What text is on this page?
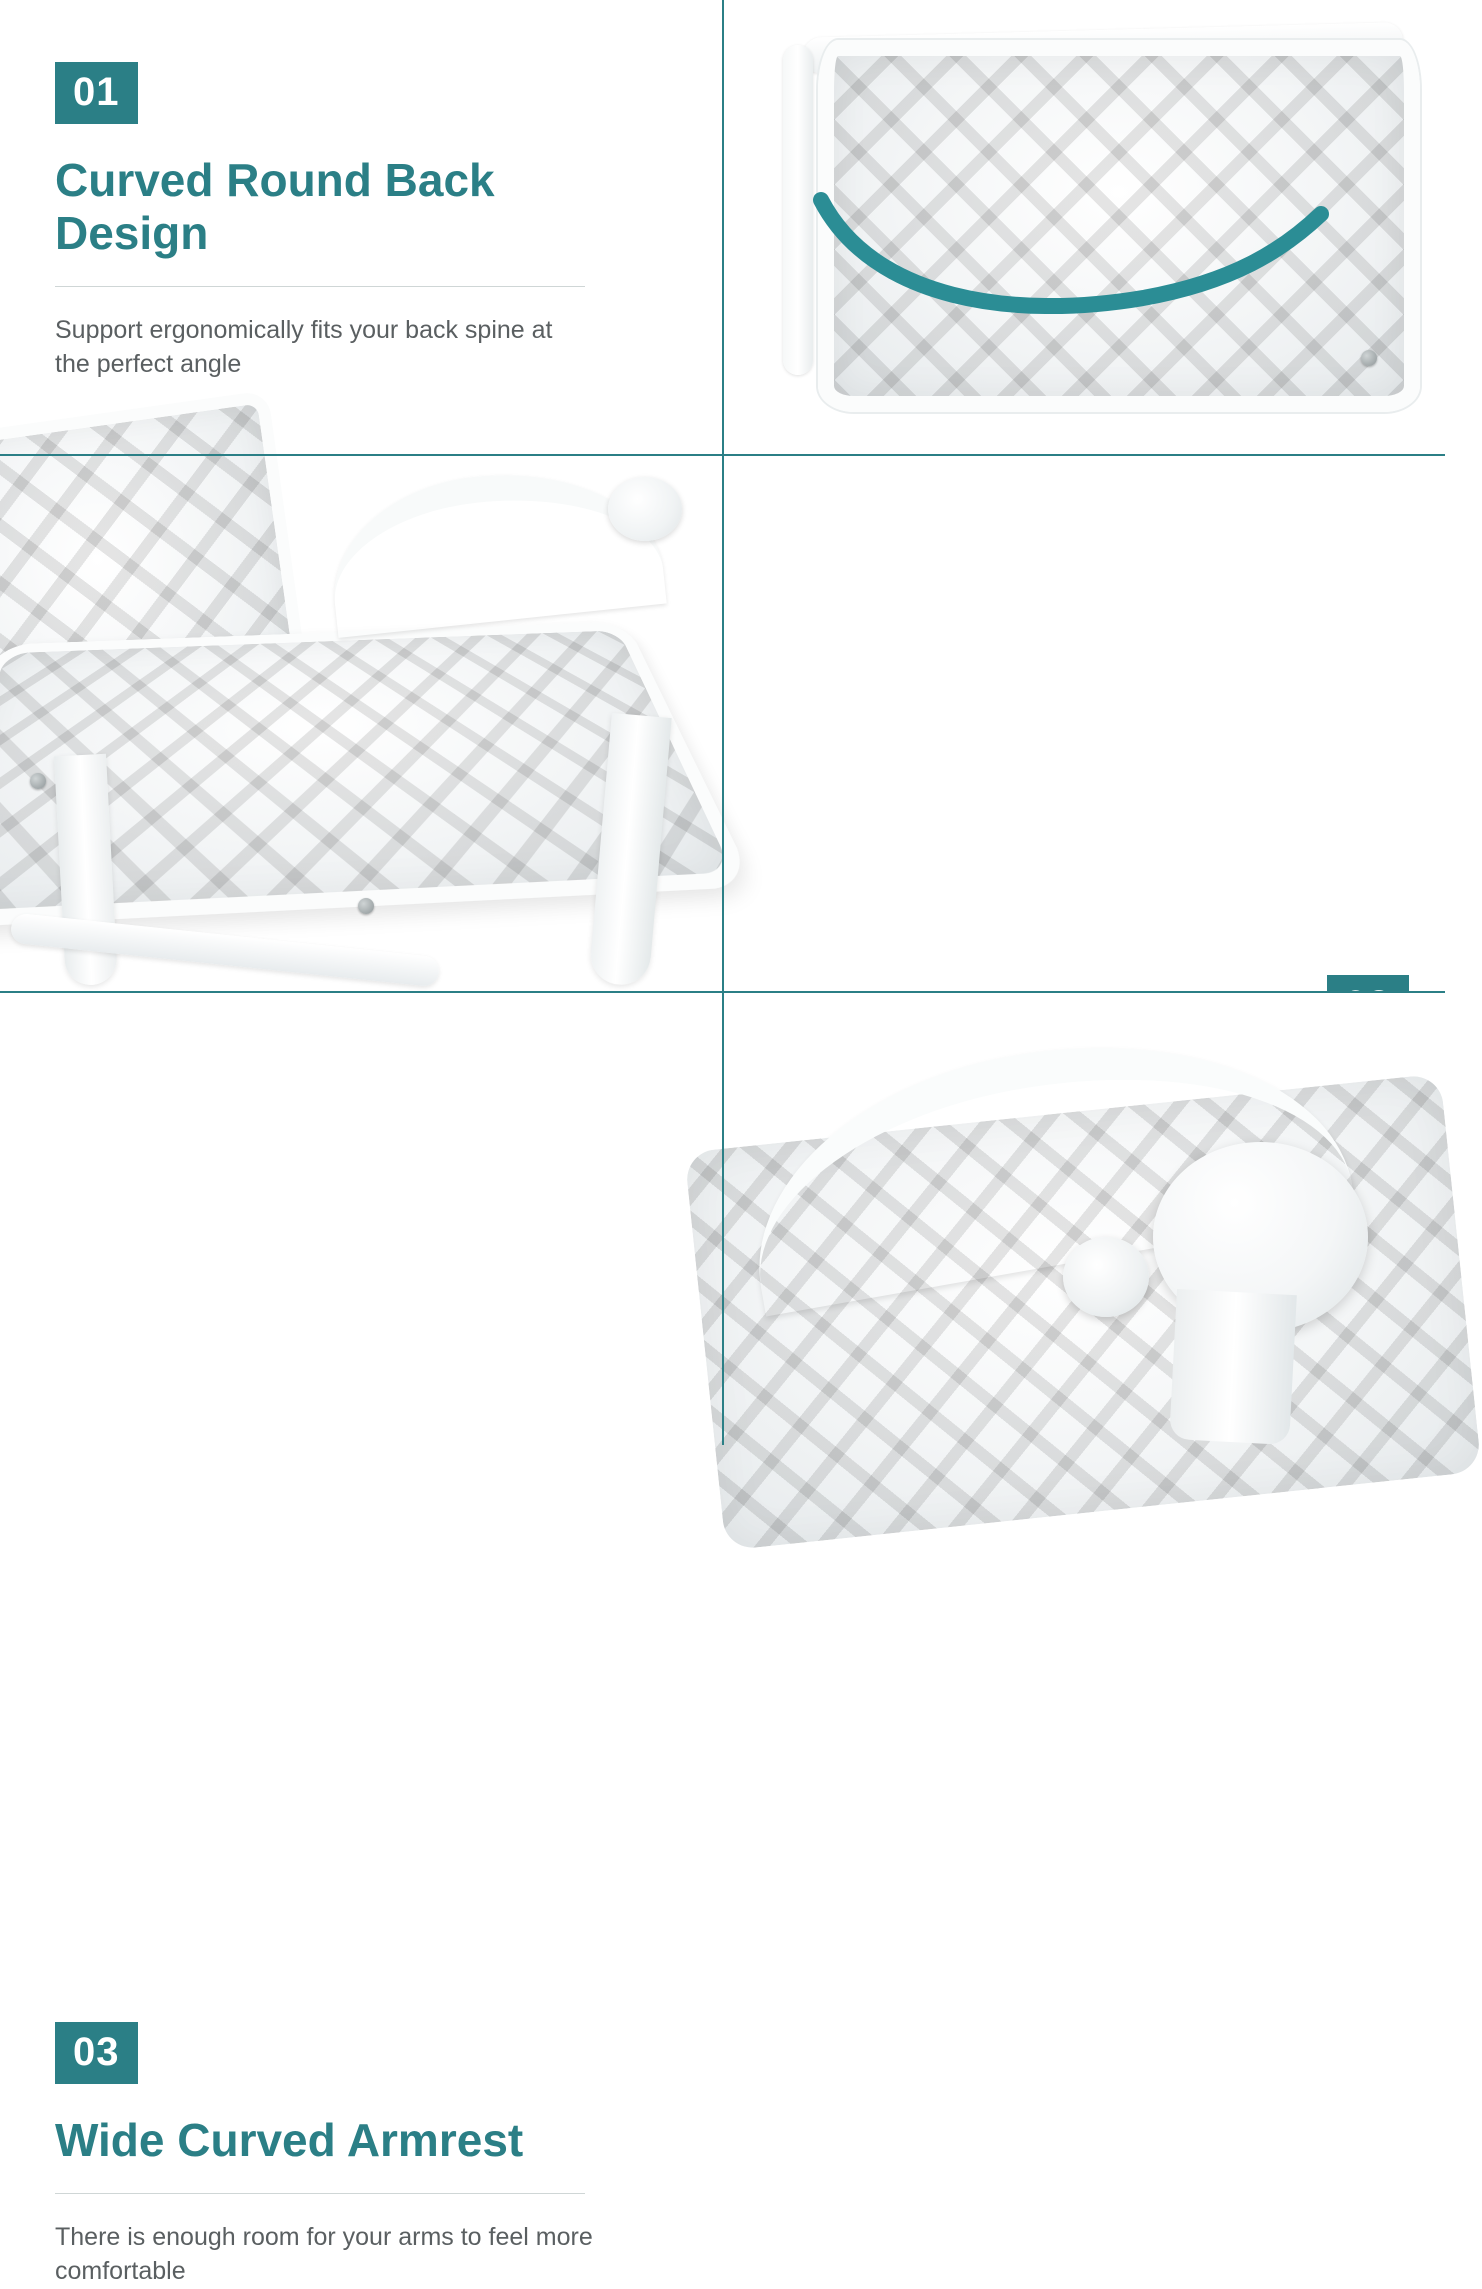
01
Curved Round Back Design
Support ergonomically fits your back spine at the perfect angle
03
Wide Curved Armrest
There is enough room for your arms to feel more comfortable
